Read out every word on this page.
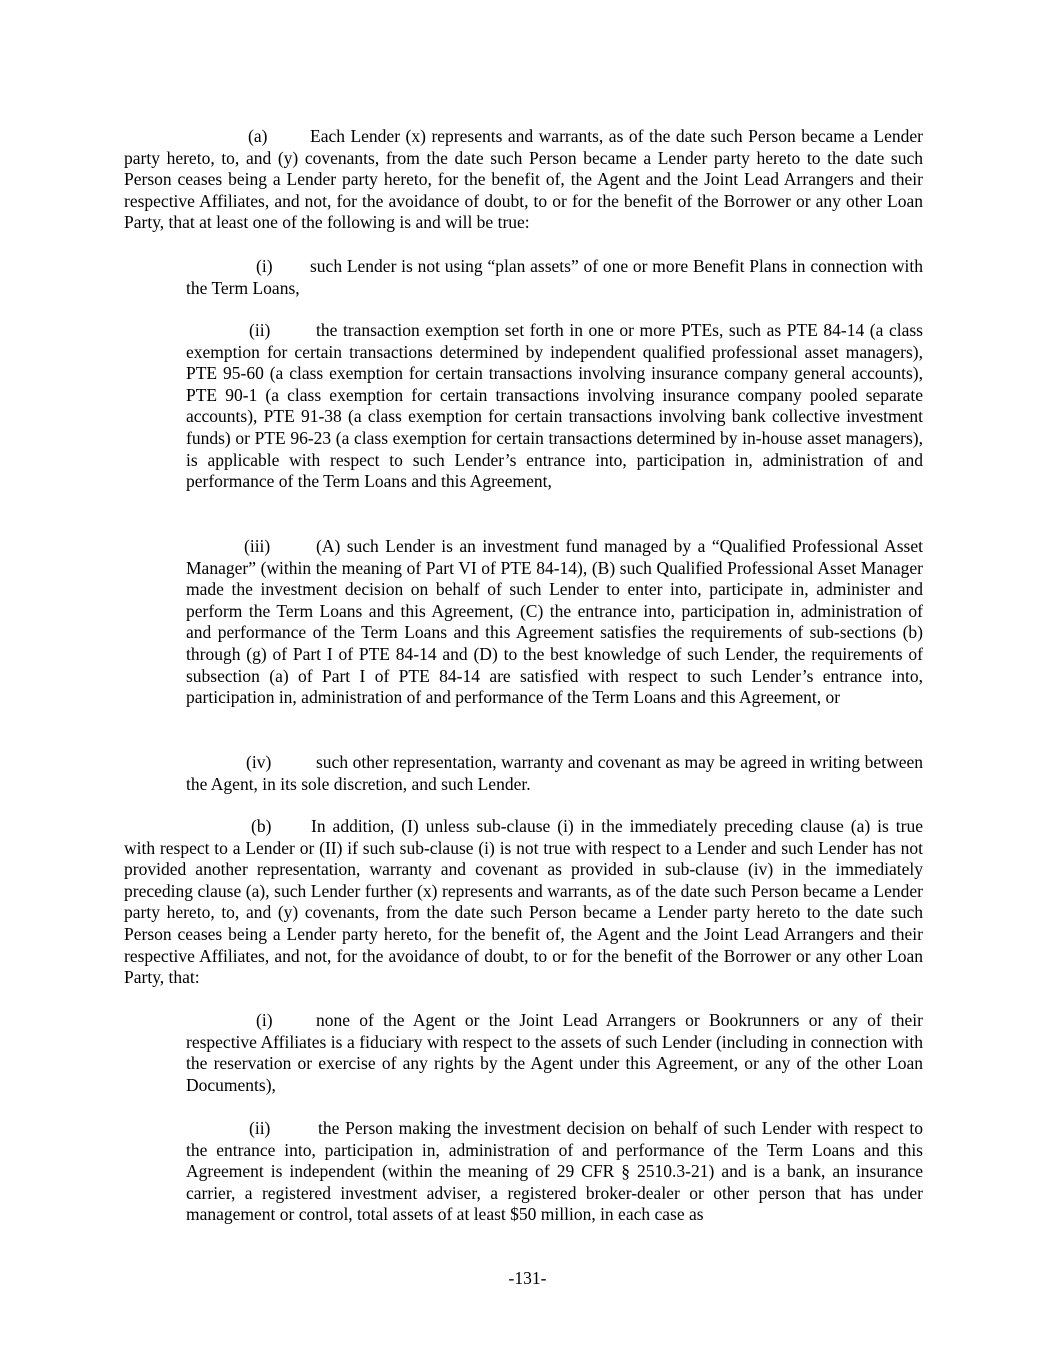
(a) Each Lender (x) represents and warrants, as of the date such Person became a Lender party hereto, to, and (y) covenants, from the date such Person became a Lender party hereto to the date such Person ceases being a Lender party hereto, for the benefit of, the Agent and the Joint Lead Arrangers and their respective Affiliates, and not, for the avoidance of doubt, to or for the benefit of the Borrower or any other Loan Party, that at least one of the following is and will be true:

(i) such Lender is not using “plan assets” of one or more Benefit Plans in connection with the Term Loans,

(ii)	the transaction exemption set forth in one or more PTEs, such as PTE 84-14 (a class exemption for certain transactions determined by independent qualified professional asset managers), PTE 95-60 (a class exemption for certain transactions involving insurance company general accounts), PTE 90-1 (a class exemption for certain transactions involving insurance company pooled separate accounts), PTE 91-38 (a class exemption for certain transactions involving bank collective investment funds) or PTE 96-23 (a class exemption for certain transactions determined by in-house asset managers), is applicable with respect to such Lender’s entrance into, participation in, administration of and performance of the Term Loans and this Agreement,

(iii)	(A) such Lender is an investment fund managed by a “Qualified Professional Asset Manager” (within the meaning of Part VI of PTE 84-14), (B) such Qualified Professional Asset Manager made the investment decision on behalf of such Lender to enter into, participate in, administer and perform the Term Loans and this Agreement, (C) the entrance into, participation in, administration of and performance of the Term Loans and this Agreement satisfies the requirements of sub-sections (b) through (g) of Part I of PTE 84-14 and (D) to the best knowledge of such Lender, the requirements of subsection (a) of Part I of PTE 84-14 are satisfied with respect to such Lender’s entrance into, participation in, administration of and performance of the Term Loans and this Agreement, or

(iv)	such other representation, warranty and covenant as may be agreed in writing between the Agent, in its sole discretion, and such Lender.

(b) In addition, (I) unless sub-clause (i) in the immediately preceding clause (a) is true with respect to a Lender or (II) if such sub-clause (i) is not true with respect to a Lender and such Lender has not provided another representation, warranty and covenant as provided in sub-clause (iv) in the immediately preceding clause (a), such Lender further (x) represents and warrants, as of the date such Person became a Lender party hereto, to, and (y) covenants, from the date such Person became a Lender party hereto to the date such Person ceases being a Lender party hereto, for the benefit of, the Agent and the Joint Lead Arrangers and their respective Affiliates, and not, for the avoidance of doubt, to or for the benefit of the Borrower or any other Loan Party, that:

(i) none of the Agent or the Joint Lead Arrangers or Bookrunners or any of their respective Affiliates is a fiduciary with respect to the assets of such Lender (including in connection with the reservation or exercise of any rights by the Agent under this Agreement, or any of the other Loan Documents),

(ii)	the Person making the investment decision on behalf of such Lender with respect to the entrance into, participation in, administration of and performance of the Term Loans and this Agreement is independent (within the meaning of 29 CFR § 2510.3-21) and is a bank, an insurance carrier, a registered investment adviser, a registered broker-dealer or other person that has under management or control, total assets of at least $50 million, in each case as

-131-
